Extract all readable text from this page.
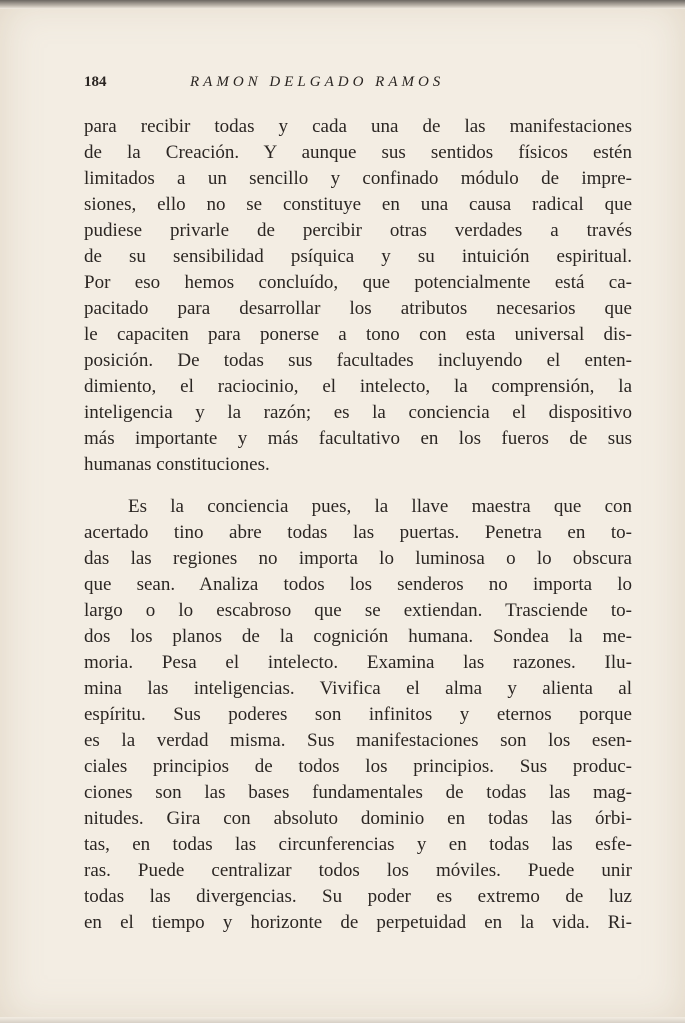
184	RAMON DELGADO RAMOS
para recibir todas y cada una de las manifestaciones
de la Creación. Y aunque sus sentidos físicos estén
limitados a un sencillo y confinado módulo de impre-
siones, ello no se constituye en una causa radical que
pudiese privarle de percibir otras verdades a través
de su sensibilidad psíquica y su intuición espiritual.
Por eso hemos concluído, que potencialmente está ca-
pacitado para desarrollar los atributos necesarios que
le capaciten para ponerse a tono con esta universal dis-
posición. De todas sus facultades incluyendo el enten-
dimiento, el raciocinio, el intelecto, la comprensión, la
inteligencia y la razón; es la conciencia el dispositivo
más importante y más facultativo en los fueros de sus
humanas constituciones.
Es la conciencia pues, la llave maestra que con
acertado tino abre todas las puertas. Penetra en to-
das las regiones no importa lo luminosa o lo obscura
que sean. Analiza todos los senderos no importa lo
largo o lo escabroso que se extiendan. Trasciende to-
dos los planos de la cognición humana. Sondea la me-
moria. Pesa el intelecto. Examina las razones. Ilu-
mina las inteligencias. Vivifica el alma y alienta al
espíritu. Sus poderes son infinitos y eternos porque
es la verdad misma. Sus manifestaciones son los esen-
ciales principios de todos los principios. Sus produc-
ciones son las bases fundamentales de todas las mag-
nitudes. Gira con absoluto dominio en todas las órbi-
tas, en todas las circunferencias y en todas las esfe-
ras. Puede centralizar todos los móviles. Puede unir
todas las divergencias. Su poder es extremo de luz
en el tiempo y horizonte de perpetuidad en la vida. Ri-
